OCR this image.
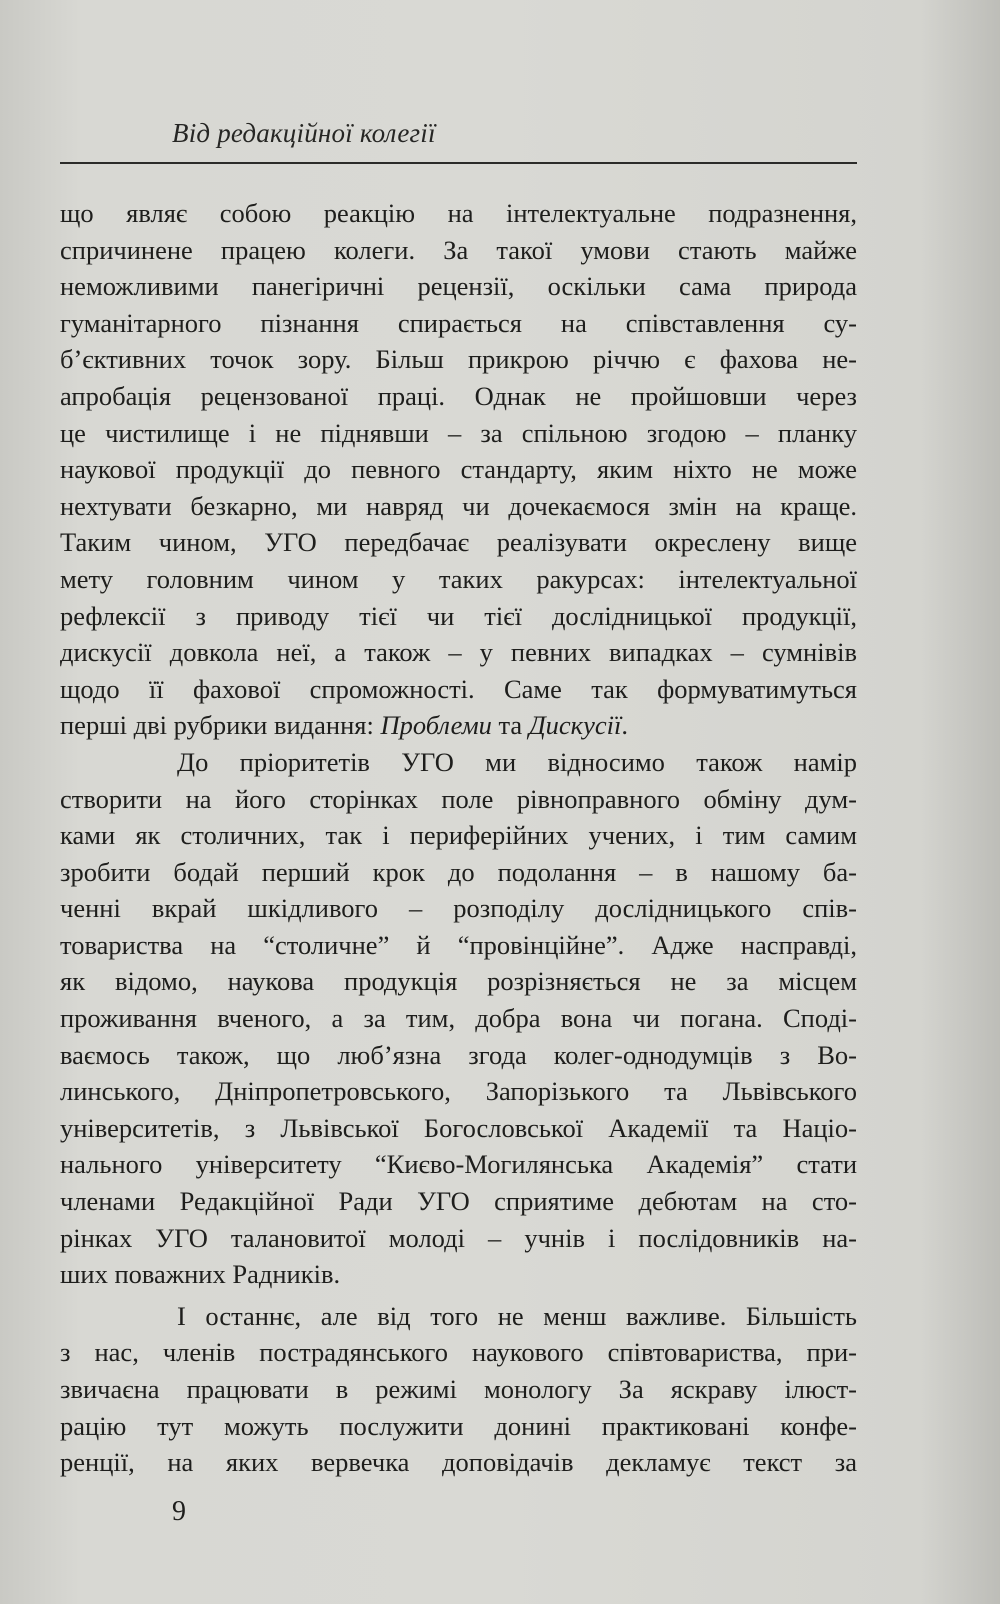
Від редакційної колегії
що являє собою реакцію на інтелектуальне подразнення,
спричинене працею колеги. За такої умови стають майже
неможливими панегіричні рецензії, оскільки сама природа
гуманітарного пізнання спирається на співставлення су-
б’єктивних точок зору. Більш прикрою річчю є фахова не-
апробація рецензованої праці. Однак не пройшовши через
це чистилище і не піднявши – за спільною згодою – планку
наукової продукції до певного стандарту, яким ніхто не може
нехтувати безкарно, ми навряд чи дочекаємося змін на краще.
Таким чином, УГО передбачає реалізувати окреслену вище
мету головним чином у таких ракурсах: інтелектуальної
рефлексії з приводу тієї чи тієї дослідницької продукції,
дискусії довкола неї, а також – у певних випадках – сумнівів
щодо її фахової спроможності. Саме так формуватимуться
перші дві рубрики видання: Проблеми та Дискусії.
До пріоритетів УГО ми відносимо також намір
створити на його сторінках поле рівноправного обміну дум-
ками як столичних, так і периферійних учених, і тим самим
зробити бодай перший крок до подолання – в нашому ба-
ченні вкрай шкідливого – розподілу дослідницького спів-
товариства на “столичне” й “провінційне”. Адже насправді,
як відомо, наукова продукція розрізняється не за місцем
проживання вченого, а за тим, добра вона чи погана. Споді-
ваємось також, що люб’язна згода колег-однодумців з Во-
линського, Дніпропетровського, Запорізького та Львівського
університетів, з Львівської Богословської Академії та Націо-
нального університету “Києво-Могилянська Академія” стати
членами Редакційної Ради УГО сприятиме дебютам на сто-
рінках УГО талановитої молоді – учнів і послідовників на-
ших поважних Радників.
І останнє, але від того не менш важливе. Більшість
з нас, членів пострадянського наукового співтовариства, при-
звичаєна працювати в режимі монологу За яскраву ілюст-
рацію тут можуть послужити донині практиковані конфе-
ренції, на яких вервечка доповідачів декламує текст за
9
